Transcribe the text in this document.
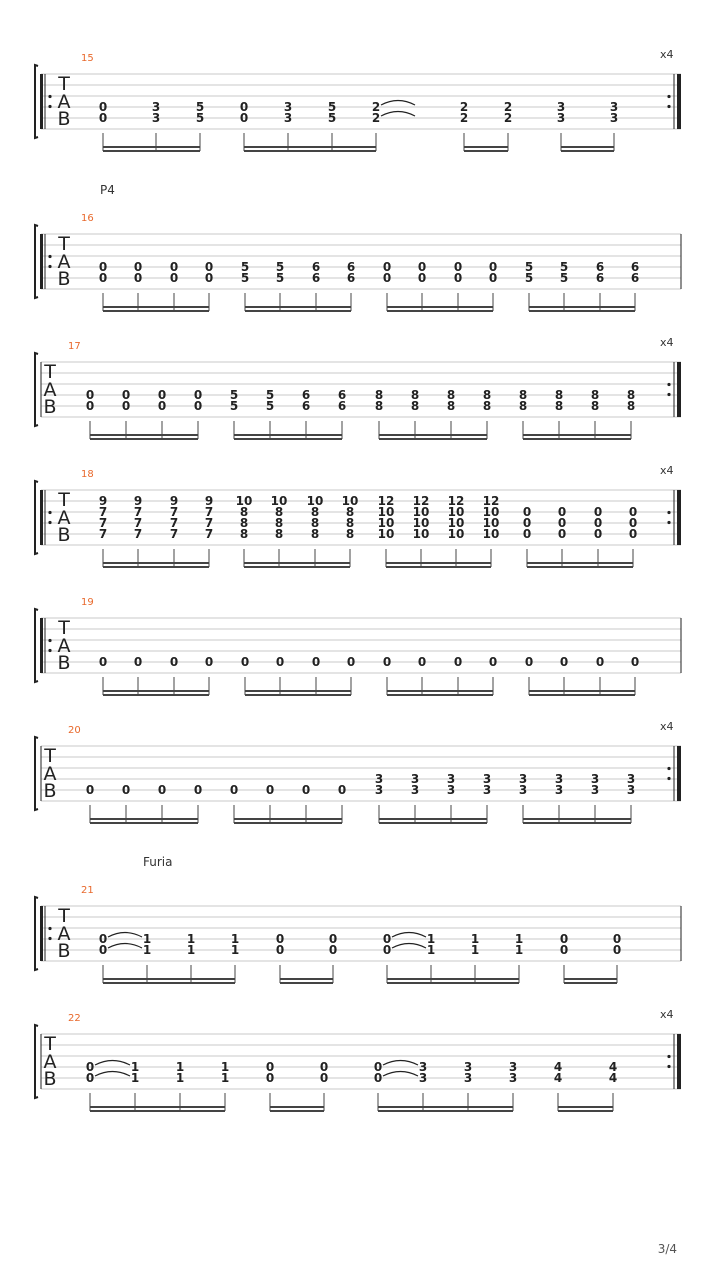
x4
T
A
B
15
0
0
3
3
5
5
0
0
3
3
5
5
2
2
2
2
2
2
3
3
3
3
T
A
B
16
P4
0
0
0
0
0
0
0
0
5
5
5
5
6
6
6
6
0
0
0
0
0
0
0
0
5
5
5
5
6
6
6
6
x4
T
A
B
17
0
0
0
0
0
0
0
0
5
5
5
5
6
6
6
6
8
8
8
8
8
8
8
8
8
8
8
8
8
8
8
8
x4
T
A
B
18
9
7
7
7
9
7
7
7
9
7
7
7
9
7
7
7
10
8
8
8
10
8
8
8
10
8
8
8
10
8
8
8
12
10
10
10
12
10
10
10
12
10
10
10
12
10
10
10
0
0
0
0
0
0
0
0
0
0
0
0
T
A
B
19
0 0 0 0 0 0 0 0 0 0 0 0 0 0 0 0
x4
T
A
B
20
0 0 0 0 0 0 0 0
3
3
3
3
3
3
3
3
3
3
3
3
3
3
3
3
T
A
B
21
Furia
0
0
1
1
1
1
1
1
0
0
0
0
0
0
1
1
1
1
1
1
0
0
0
0
x4
T
A
B
22
0
0
1
1
1
1
1
1
0
0
0
0
0
0
3
3
3
3
3
3
4
4
4
4
3/4
